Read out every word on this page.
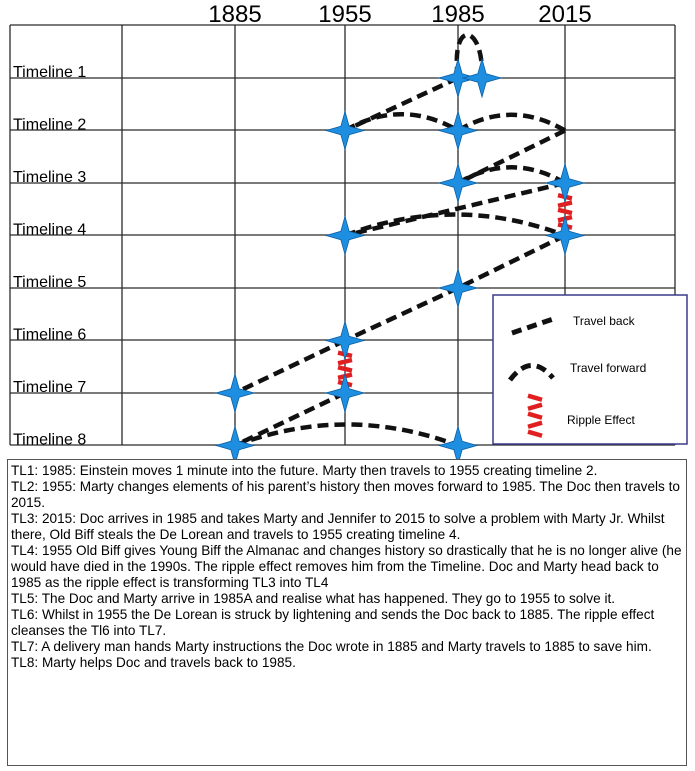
1885 1955 1985 2015
Timeline 1
Timeline 2
Timeline 3
Timeline 4
Timeline 5
Timeline 6
Timeline 7
Timeline 8
Travel back
Travel forward
Ripple Effect

TL1: 1985: Einstein moves 1 minute into the future. Marty then travels to 1955 creating timeline 2.

TL2: 1955: Marty changes elements of his parent’s history then moves forward to 1985. The Doc then travels to 2015.

TL3: 2015: Doc arrives in 1985 and takes Marty and Jennifer to 2015 to solve a problem with Marty Jr. Whilst there, Old Biff steals the De Lorean and travels to 1955 creating timeline 4.

TL4: 1955 Old Biff gives Young Biff the Almanac and changes history so drastically that he is no longer alive (he would have died in the 1990s. The ripple effect removes him from the Timeline. Doc and Marty head back to 1985 as the ripple effect is transforming TL3 into TL4

TL5: The Doc and Marty arrive in 1985A and realise what has happened. They go to 1955 to solve it.

TL6: Whilst in 1955 the De Lorean is struck by lightening and sends the Doc back to 1885. The ripple effect cleanses the Tl6 into TL7.

TL7: A delivery man hands Marty instructions the Doc wrote in 1885 and Marty travels to 1885 to save him.

TL8: Marty helps Doc and travels back to 1985.
